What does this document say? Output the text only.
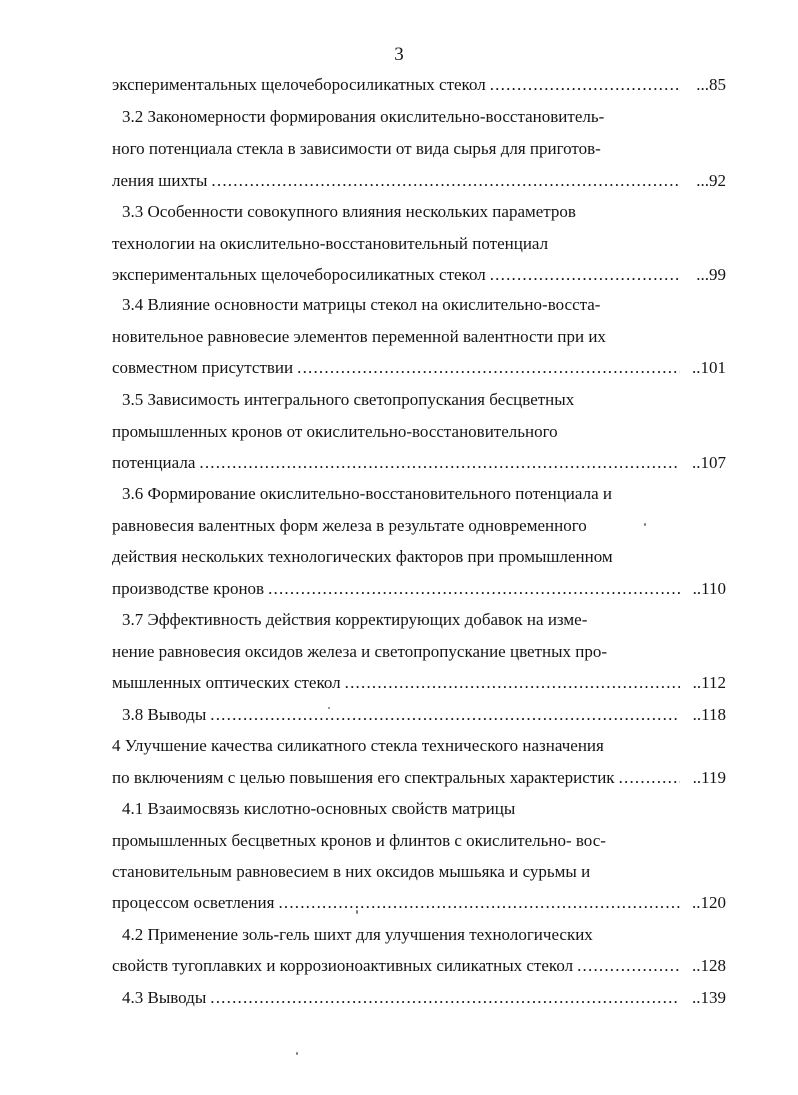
3
экспериментальных щелочеборосиликатных стекол .....	...85
3.2 Закономерности формирования окислительно-восстановитель-
ного потенциала стекла в зависимости от вида сырья для приготов-
ления шихты .....	...92
3.3 Особенности совокупного влияния нескольких параметров
технологии на окислительно-восстановительный потенциал
экспериментальных щелочеборосиликатных стекол .....	...99
3.4 Влияние основности матрицы стекол на окислительно-восста-
новительное равновесие элементов переменной валентности при их
совместном присутствии .....	..101
3.5 Зависимость интегрального светопропускания бесцветных
промышленных кронов от окислительно-восстановительного
потенциала .....	..107
3.6 Формирование окислительно-восстановительного потенциала и
равновесия валентных форм железа в результате одновременного
действия нескольких технологических факторов при промышленном
производстве кронов .....	..110
3.7 Эффективность действия корректирующих добавок на изме-
нение равновесия оксидов железа и светопропускание цветных про-
мышленных оптических стекол .....	..112
3.8 Выводы .....	..118
4 Улучшение качества силикатного стекла технического назначения
по включениям с целью повышения его спектральных характеристик .....	..119
4.1 Взаимосвязь кислотно-основных свойств матрицы
промышленных бесцветных кронов и флинтов с окислительно- вос-
становительным равновесием в них оксидов мышьяка и сурьмы и
процессом осветления .....	..120
4.2 Применение золь-гель шихт для улучшения технологических
свойств тугоплавких и коррозионоактивных силикатных стекол .....	..128
4.3 Выводы .....	..139
